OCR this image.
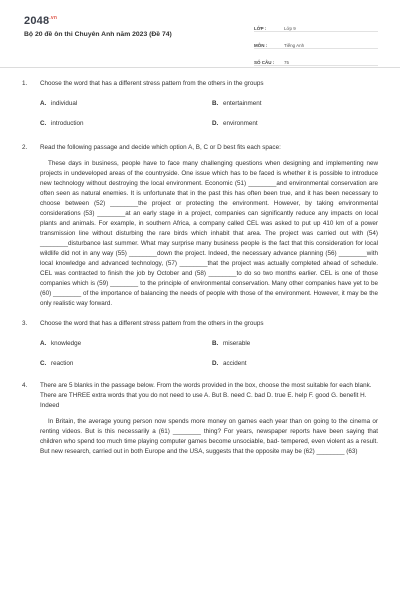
$2048^{.vn}$
Bộ 20 đề ôn thi Chuyên Anh năm 2023 (Đề 74)
LỚP :	Lớp 9
MÔN :	Tiếng Anh
SỐ CÂU :	75
1.	Choose the word that has a different stress pattern from the others in the groups
A. individual	B. entertainment
C. introduction	D. environment
2.	Read the following passage and decide which option A, B, C or D best fits each space:

These days in business, people have to face many challenging questions when designing and implementing new projects in undeveloped areas of the countryside. One issue which has to be faced is whether it is possible to introduce new technology without destroying the local environment. Economic (51) ________and environmental conservation are often seen as natural enemies. It is unfortunate that in the past this has often been true, and it has been necessary to choose between (52) ________the project or protecting the environment. However, by taking environmental considerations (53) ________at an early stage in a project, companies can significantly reduce any impacts on local plants and animals. For example, in southern Africa, a company called CEL was asked to put up 410 km of a power transmission line without disturbing the rare birds which inhabit that area. The project was carried out with (54) ________disturbance last summer. What may surprise many business people is the fact that this consideration for local wildlife did not in any way (55) ________down the project. Indeed, the necessary advance planning (56) ________with local knowledge and advanced technology, (57) ________that the project was actually completed ahead of schedule. CEL was contracted to finish the job by October and (58) ________to do so two months earlier. CEL is one of those companies which is (59) ________ to the principle of environmental conservation. Many other companies have yet to be (60) ________ of the importance of balancing the needs of people with those of the environment. However, it may be the only realistic way forward.

3.	Choose the word that has a different stress pattern from the others in the groups
A. knowledge	B. miserable
C. reaction	D. accident
4.	There are 5 blanks in the passage below. From the words provided in the box, choose the most suitable for each blank. There are THREE extra words that you do not need to use A. But B. need C. bad D. true E. help F. good G. benefit H. Indeed

In Britain, the average young person now spends more money on games each year than on going to the cinema or renting videos. But is this necessarily a (61) ________ thing? For years, newspaper reports have been saying that children who spend too much time playing computer games become unsociable, bad- tempered, even violent as a result. But new research, carried out in both Europe and the USA, suggests that the opposite may be (62) ________ (63)
